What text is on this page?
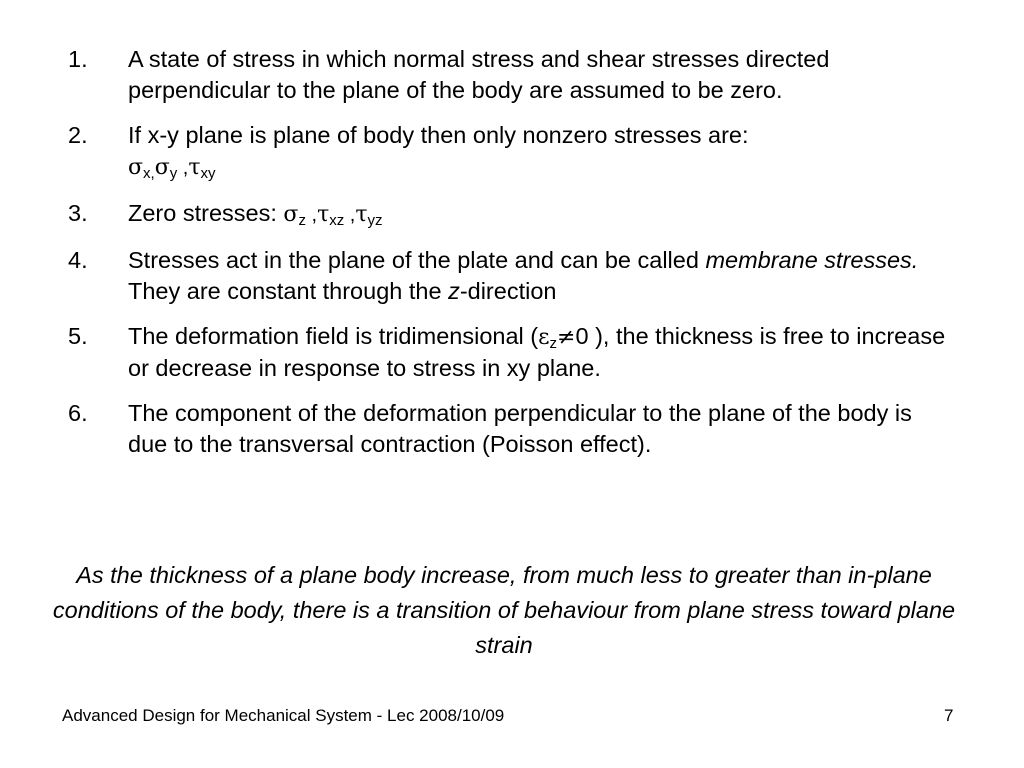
1. A state of stress in which normal stress and shear stresses directed perpendicular to the plane of the body are assumed to be zero.
2. If x-y plane is plane of body then only nonzero stresses are:
$\sigma_{x,}\sigma_y$ $,\tau_{xy}$
3. Zero stresses: $\sigma_z$ $,\tau_{xz}$ $,\tau_{yz}$
4. Stresses act in the plane of the plate and can be called membrane stresses. They are constant through the z-direction
5. The deformation field is tridimensional ($\varepsilon_z\ne 0$ ), the thickness is free to increase or decrease in response to stress in xy plane.
6. The component of the deformation perpendicular to the plane of the body is due to the transversal contraction (Poisson effect).
As the thickness of a plane body increase, from much less to greater than in-plane conditions of the body, there is a transition of behaviour from plane stress toward plane strain
Advanced Design for Mechanical System - Lec 2008/10/09	7
